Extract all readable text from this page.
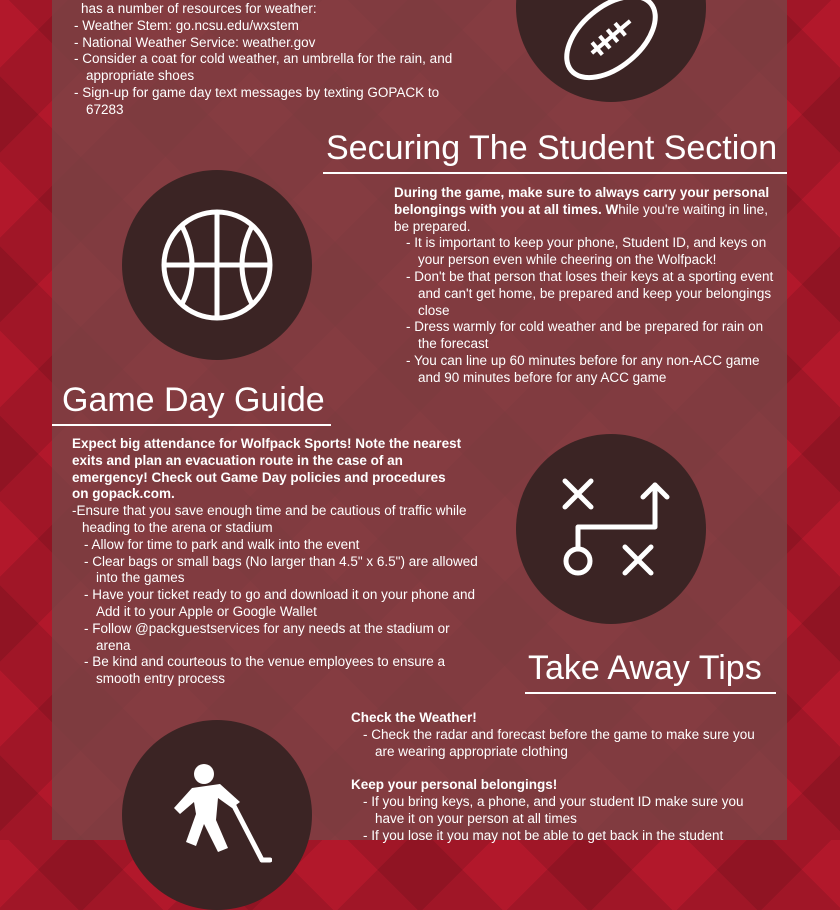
has a number of resources for weather:
- Weather Stem: go.ncsu.edu/wxstem
- National Weather Service: weather.gov
- Consider a coat for cold weather, an umbrella for the rain, and appropriate shoes
- Sign-up for game day text messages by texting GOPACK to 67283
Securing The Student Section
During the game, make sure to always carry your personal belongings with you at all times. While you're waiting in line, be prepared.
- It is important to keep your phone, Student ID, and keys on your person even while cheering on the Wolfpack!
- Don't be that person that loses their keys at a sporting event and can't get home, be prepared and keep your belongings close
- Dress warmly for cold weather and be prepared for rain on the forecast
- You can line up 60 minutes before for any non-ACC game and 90 minutes before for any ACC game
Game Day Guide
Expect big attendance for Wolfpack Sports! Note the nearest exits and plan an evacuation route in the case of an emergency! Check out Game Day policies and procedures on gopack.com.
-Ensure that you save enough time and be cautious of traffic while heading to the arena or stadium
- Allow for time to park and walk into the event
- Clear bags or small bags (No larger than 4.5" x 6.5") are allowed into the games
- Have your ticket ready to go and download it on your phone and Add it to your Apple or Google Wallet
- Follow @packguestservices for any needs at the stadium or arena
- Be kind and courteous to the venue employees to ensure a smooth entry process	Take Away Tips
Check the Weather!
- Check the radar and forecast before the game to make sure you are wearing appropriate clothing
Keep your personal belongings!
- If you bring keys, a phone, and your student ID make sure you have it on your person at all times
- If you lose it you may not be able to get back in the student
